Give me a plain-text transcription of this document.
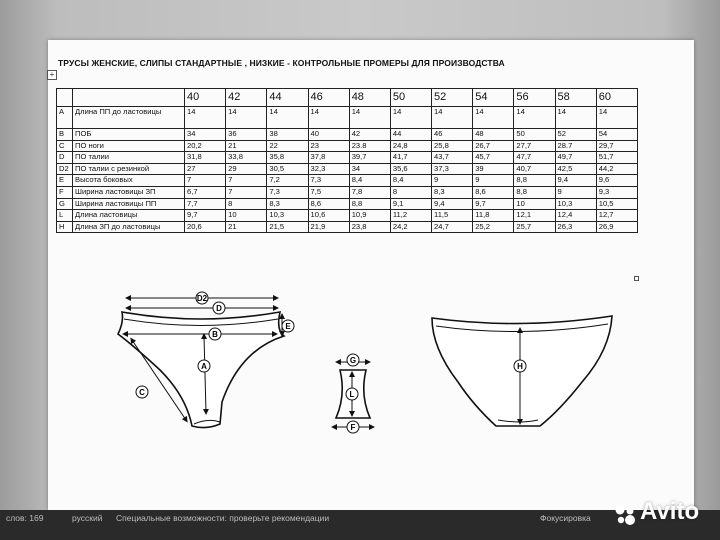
ТРУСЫ ЖЕНСКИЕ, СЛИПЫ СТАНДАРТНЫЕ , НИЗКИЕ - КОНТРОЛЬНЫЕ ПРОМЕРЫ ДЛЯ ПРОИЗВОДСТВА
+
		40	42	44	46	48	50	52	54	56	58	60
A	Длина ПП до ластовицы	14	14	14	14	14	14	14	14	14	14	14
B	ПОБ	34	36	38	40	42	44	46	48	50	52	54
C	ПО ноги	20,2	21	22	23	23.8	24,8	25,8	26,7	27,7	28.7	29,7
D	ПО талии	31,8	33,8	35,8	37,8	39,7	41,7	43,7	45,7	47,7	49,7	51,7
D2	ПО талии с резинкой	27	29	30,5	32,3	34	35,6	37,3	39	40,7	42,5	44,2
E	Высота боковых	7	7	7,2	7,3	8,4	8,4	9	9	8,8	9,4	9,6
F	Ширина ластовицы ЗП	6,7	7	7,3	7,5	7,8	8	8,3	8,6	8,8	9	9,3
G	Ширина ластовицы ПП	7,7	8	8,3	8,6	8,8	9,1	9,4	9,7	10	10,3	10,5
L	Длина ластовицы	9,7	10	10,3	10,6	10,9	11,2	11,5	11,8	12,1	12,4	12,7
H	Длина ЗП до ластовицы	20,6	21	21,5	21,9	23,8	24,2	24,7	25,2	25,7	26,3	26,9
D2
D
B
E
A
C
G
L
F
H
слов: 169	русский Специальные возможности: проверьте рекомендации	Фокусировка Avito
